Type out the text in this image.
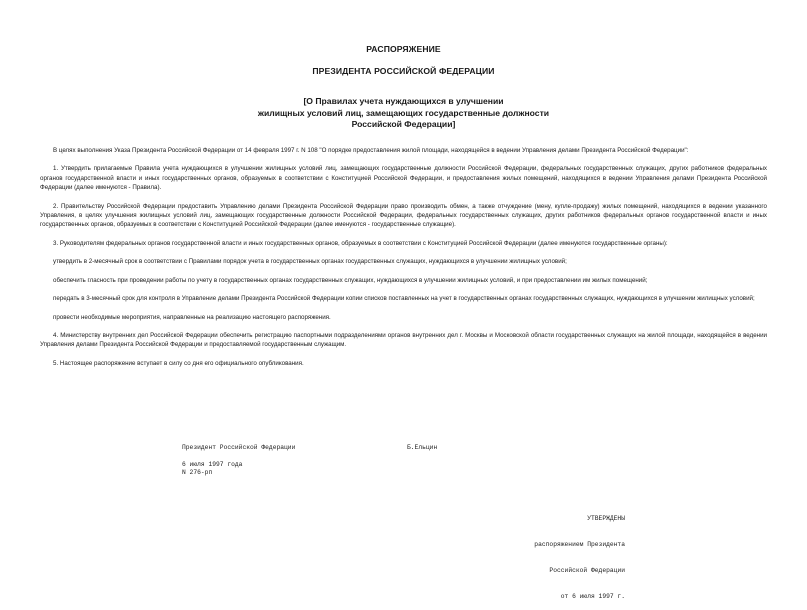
РАСПОРЯЖЕНИЕ
ПРЕЗИДЕНТА РОССИЙСКОЙ ФЕДЕРАЦИИ
[О Правилах учета нуждающихся в улучшении
жилищных условий лиц, замещающих государственные должности
Российской Федерации]

В целях выполнения Указа Президента Российской Федерации от 14 февраля 1997 г. N 108 "О порядке предоставления жилой площади, находящейся в ведении Управления делами Президента Российской Федерации":

1. Утвердить прилагаемые Правила учета нуждающихся в улучшении жилищных условий лиц, замещающих государственные должности Российской Федерации, федеральных государственных служащих, других работников федеральных органов государственной власти и иных государственных органов, образуемых в соответствии с Конституцией Российской Федерации, и предоставления жилых помещений, находящихся в ведении Управления делами Президента Российской Федерации (далее именуются - Правила).

2. Правительству Российской Федерации предоставить Управлению делами Президента Российской Федерации право производить обмен, а также отчуждение (мену, купле-продажу) жилых помещений, находящихся в ведении указанного Управления, в целях улучшения жилищных условий лиц, замещающих государственные должности Российской Федерации, федеральных государственных служащих, других работников федеральных органов государственной власти и иных государственных органов, образуемых в соответствии с Конституцией Российской Федерации (далее именуются - государственные служащие).

3. Руководителям федеральных органов государственной власти и иных государственных органов, образуемых в соответствии с Конституцией Российской Федерации (далее именуются государственные органы):

утвердить в 2-месячный срок в соответствии с Правилами порядок учета в государственных органах государственных служащих, нуждающихся в улучшении жилищных условий;

обеспечить гласность при проведении работы по учету в государственных органах государственных служащих, нуждающихся в улучшении жилищных условий, и при предоставлении им жилых помещений;

передать в 3-месячный срок для контроля в Управление делами Президента Российской Федерации копии списков поставленных на учет в государственных органах государственных служащих, нуждающихся в улучшении жилищных условий;

провести необходимые мероприятия, направленные на реализацию настоящего распоряжения.

4. Министерству внутренних дел Российской Федерации обеспечить регистрацию паспортными подразделениями органов внутренних дел г. Москвы и Московской области государственных служащих на жилой площади, находящейся в ведении Управления делами Президента Российской Федерации и предоставляемой государственным служащим.

5. Настоящее распоряжение вступает в силу со дня его официального опубликования.

Президент Российской Федерации	Б.Ельцин
6 июля 1997 года
N 276-рп

УТВЕРЖДЕНЫ

распоряжением Президента

Российской Федерации

от 6 июля 1997 г.
